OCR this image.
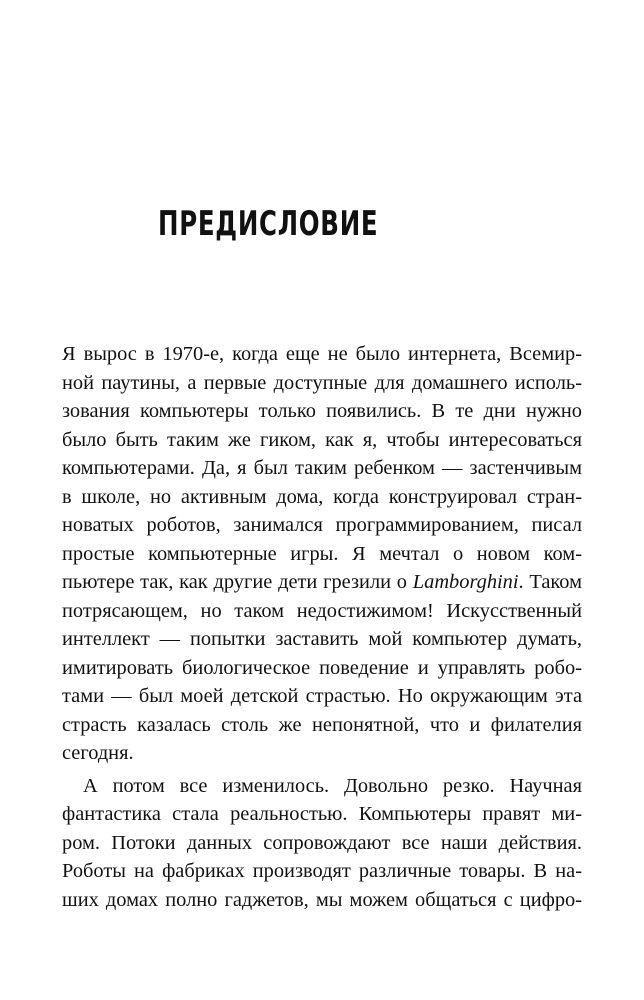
ПРЕДИСЛОВИЕ
Я вырос в 1970-е, когда еще не было интернета, Всемир-
ной паутины, а первые доступные для домашнего исполь-
зования компьютеры только появились. В те дни нужно
было быть таким же гиком, как я, чтобы интересоваться
компьютерами. Да, я был таким ребенком — застенчивым
в школе, но активным дома, когда конструировал стран-
новатых роботов, занимался программированием, писал
простые компьютерные игры. Я мечтал о новом ком-
пьютере так, как другие дети грезили о Lamborghini. Таком
потрясающем, но таком недостижимом! Искусственный
интеллект — попытки заставить мой компьютер думать,
имитировать биологическое поведение и управлять робо-
тами — был моей детской страстью. Но окружающим эта
страсть казалась столь же непонятной, что и филателия
сегодня.
А потом все изменилось. Довольно резко. Научная
фантастика стала реальностью. Компьютеры правят ми-
ром. Потоки данных сопровождают все наши действия.
Роботы на фабриках производят различные товары. В на-
ших домах полно гаджетов, мы можем общаться с цифро-
